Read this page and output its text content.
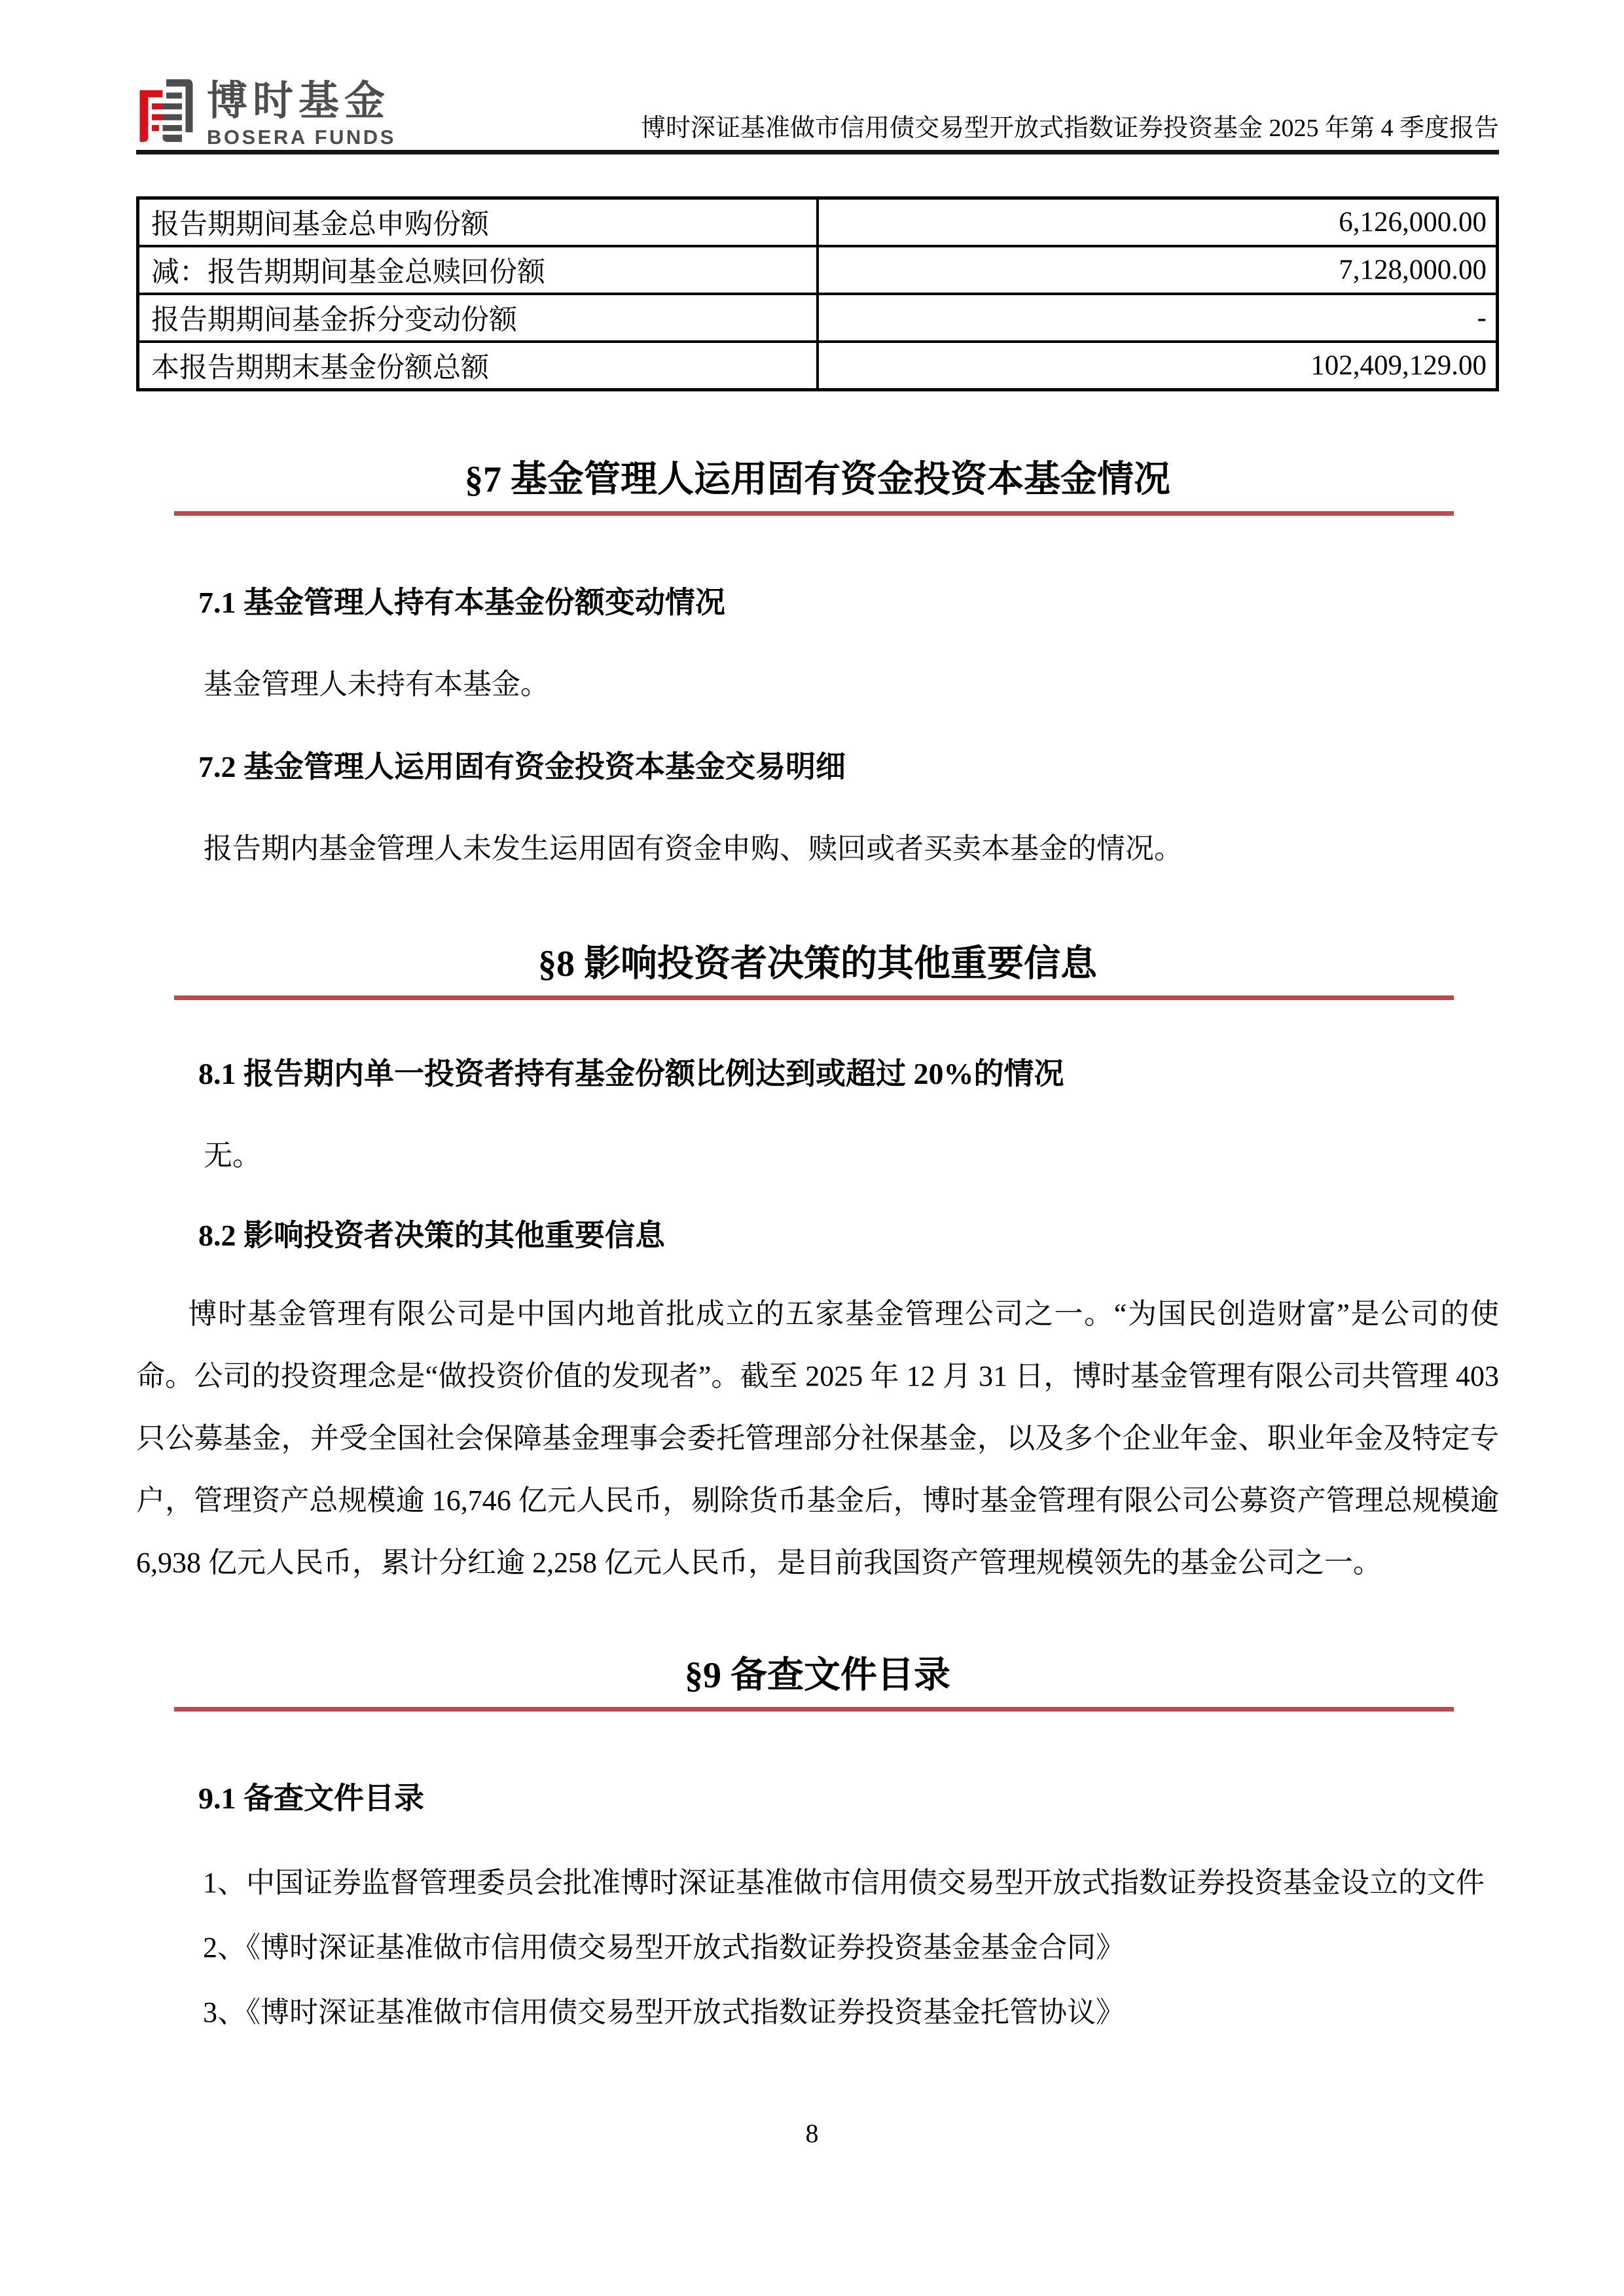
博时基金
BOSERA FUNDS	博时深证基准做市信用债交易型开放式指数证券投资基金 2025 年第 4 季度报告
报告期期间基金总申购份额	6,126,000.00
减：报告期期间基金总赎回份额	7,128,000.00
报告期期间基金拆分变动份额	-
本报告期期末基金份额总额	102,409,129.00
§7 基金管理人运用固有资金投资本基金情况
7.1 基金管理人持有本基金份额变动情况

基金管理人未持有本基金。

7.2 基金管理人运用固有资金投资本基金交易明细

报告期内基金管理人未发生运用固有资金申购、赎回或者买卖本基金的情况。

§8 影响投资者决策的其他重要信息
8.1 报告期内单一投资者持有基金份额比例达到或超过 20%的情况

无。

8.2 影响投资者决策的其他重要信息

博时基金管理有限公司是中国内地首批成立的五家基金管理公司之一。“为国民创造财富”是公司的使命。公司的投资理念是“做投资价值的发现者”。截至 2025 年 12 月 31 日，博时基金管理有限公司共管理 403 只公募基金，并受全国社会保障基金理事会委托管理部分社保基金，以及多个企业年金、职业年金及特定专户，管理资产总规模逾 16,746 亿元人民币，剔除货币基金后，博时基金管理有限公司公募资产管理总规模逾 6,938 亿元人民币，累计分红逾 2,258 亿元人民币，是目前我国资产管理规模领先的基金公司之一。

§9 备查文件目录
9.1 备查文件目录
1、中国证券监督管理委员会批准博时深证基准做市信用债交易型开放式指数证券投资基金设立的文件
2、《博时深证基准做市信用债交易型开放式指数证券投资基金基金合同》
3、《博时深证基准做市信用债交易型开放式指数证券投资基金托管协议》
8
